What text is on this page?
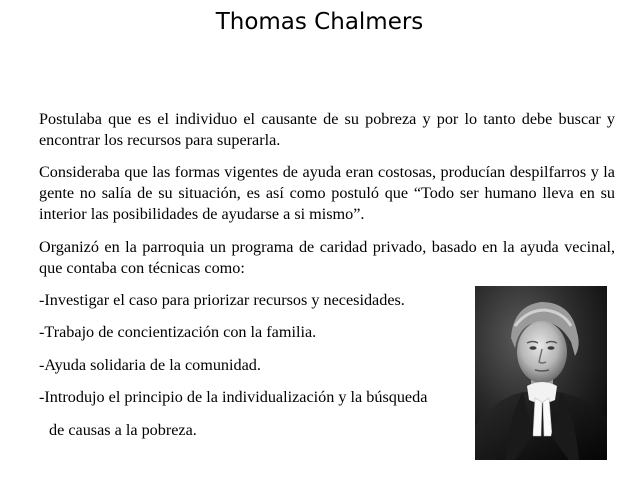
Thomas Chalmers

Postulaba que es el individuo el causante de su pobreza y por lo tanto debe buscar y encontrar los recursos para superarla.

Consideraba que las formas vigentes de ayuda eran costosas, producían despilfarros y la gente no salía de su situación, es así como postuló que “Todo ser humano lleva en su interior las posibilidades de ayudarse a si mismo”.

Organizó en la parroquia un programa de caridad privado, basado en la ayuda vecinal, que contaba con técnicas como:

-Investigar el caso para priorizar recursos y necesidades.

-Trabajo de concientización con la familia.

-Ayuda solidaria de la comunidad.

-Introdujo el principio de la individualización y la búsqueda

de causas a la pobreza.
